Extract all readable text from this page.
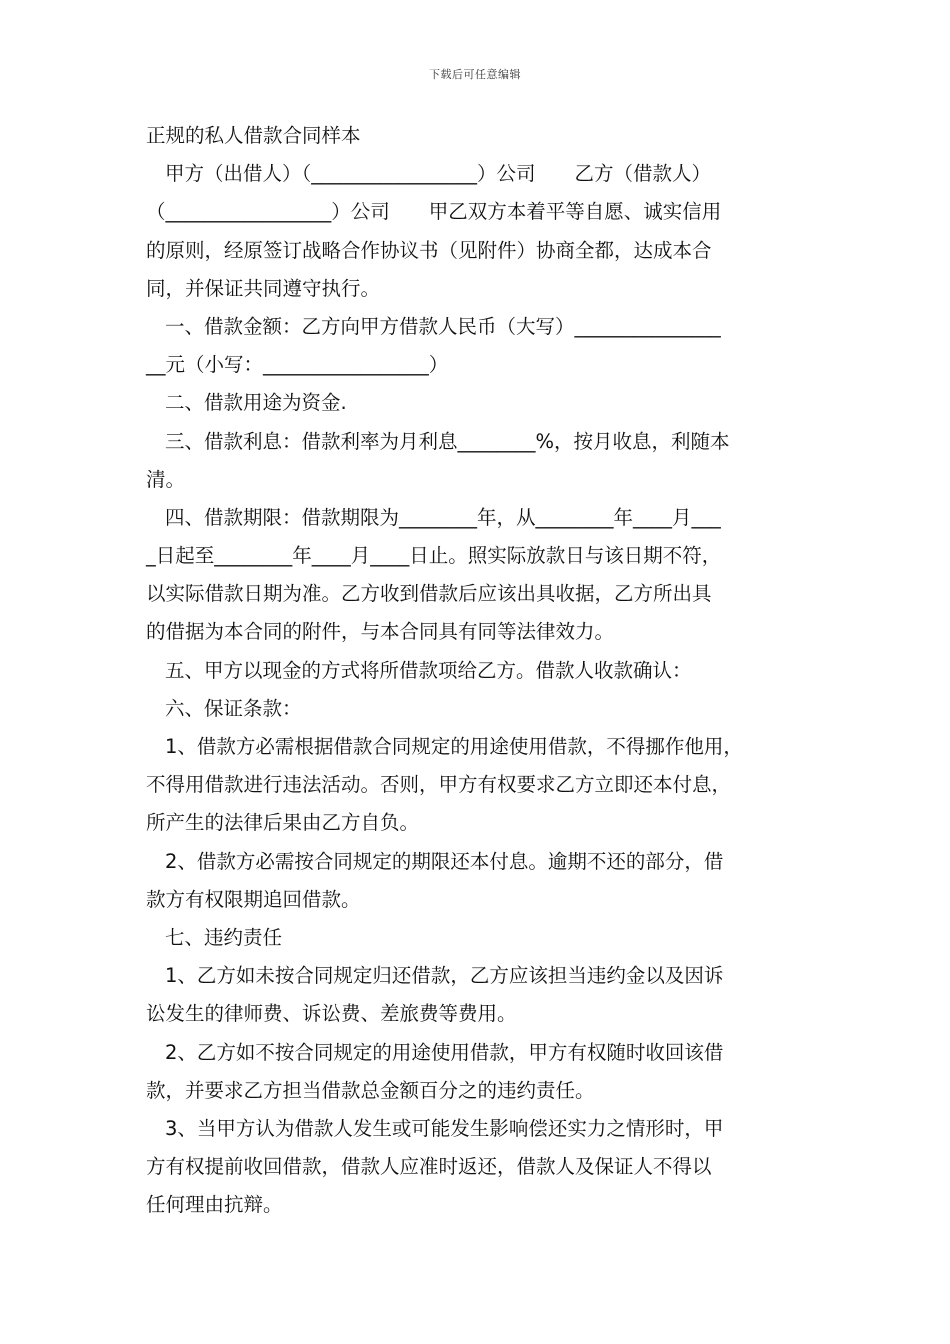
下载后可任意编辑
正规的私人借款合同样本
甲方（出借人）（_________________）公司　　乙方（借款人）
（_________________）公司　　甲乙双方本着平等自愿、诚实信用
的原则，经原签订战略合作协议书（见附件）协商全都，达成本合
同，并保证共同遵守执行。
一、借款金额：乙方向甲方借款人民币（大写）_______________
__元（小写：_________________）
二、借款用途为资金.
三、借款利息：借款利率为月利息________%，按月收息，利随本
清。
四、借款期限：借款期限为________年，从________年____月___
_日起至________年____月____日止。照实际放款日与该日期不符，
以实际借款日期为准。乙方收到借款后应该出具收据，乙方所出具
的借据为本合同的附件，与本合同具有同等法律效力。
五、甲方以现金的方式将所借款项给乙方。借款人收款确认：
六、保证条款：
1、借款方必需根据借款合同规定的用途使用借款，不得挪作他用，
不得用借款进行违法活动。否则，甲方有权要求乙方立即还本付息，
所产生的法律后果由乙方自负。
2、借款方必需按合同规定的期限还本付息。逾期不还的部分，借
款方有权限期追回借款。
七、违约责任
1、乙方如未按合同规定归还借款，乙方应该担当违约金以及因诉
讼发生的律师费、诉讼费、差旅费等费用。
2、乙方如不按合同规定的用途使用借款，甲方有权随时收回该借
款，并要求乙方担当借款总金额百分之的违约责任。
3、当甲方认为借款人发生或可能发生影响偿还实力之情形时，甲
方有权提前收回借款，借款人应准时返还，借款人及保证人不得以
任何理由抗辩。
